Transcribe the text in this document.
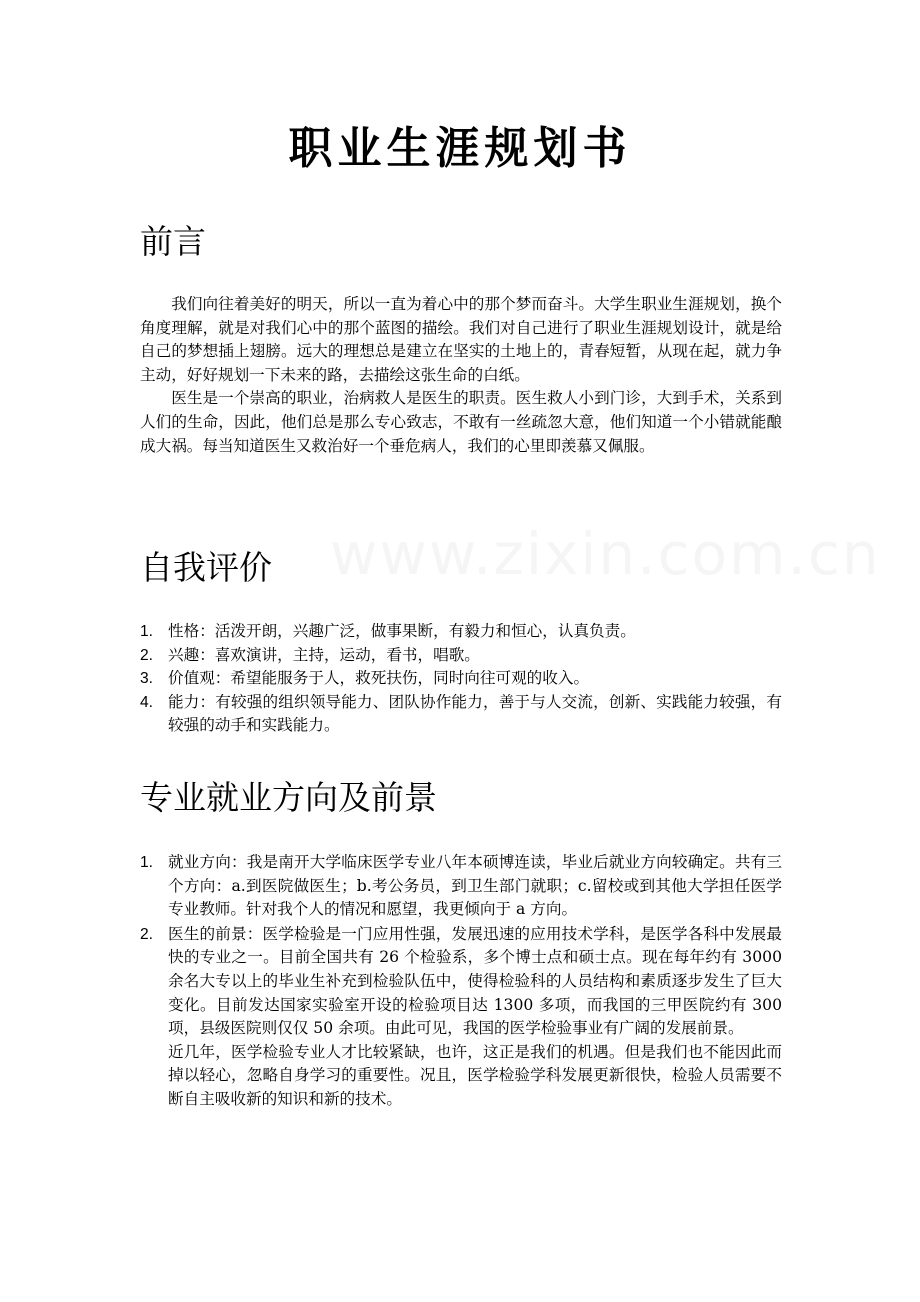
www.zixin.com.cn
职业生涯规划书
前言

我们向往着美好的明天，所以一直为着心中的那个梦而奋斗。大学生职业生涯规划，换个角度理解，就是对我们心中的那个蓝图的描绘。我们对自己进行了职业生涯规划设计，就是给自己的梦想插上翅膀。远大的理想总是建立在坚实的土地上的，青春短暂，从现在起，就力争主动，好好规划一下未来的路，去描绘这张生命的白纸。

医生是一个崇高的职业，治病救人是医生的职责。医生救人小到门诊，大到手术，关系到人们的生命，因此，他们总是那么专心致志，不敢有一丝疏忽大意，他们知道一个小错就能酿成大祸。每当知道医生又救治好一个垂危病人，我们的心里即羡慕又佩服。

自我评价
1. 性格：活泼开朗，兴趣广泛，做事果断，有毅力和恒心，认真负责。
2. 兴趣：喜欢演讲，主持，运动，看书，唱歌。
3. 价值观：希望能服务于人，救死扶伤，同时向往可观的收入。
4. 能力：有较强的组织领导能力、团队协作能力，善于与人交流，创新、实践能力较强，有较强的动手和实践能力。
专业就业方向及前景
1. 就业方向：我是南开大学临床医学专业八年本硕博连读，毕业后就业方向较确定。共有三个方向：a.到医院做医生；b.考公务员，到卫生部门就职；c.留校或到其他大学担任医学专业教师。针对我个人的情况和愿望，我更倾向于 a 方向。
2. 医生的前景：医学检验是一门应用性强，发展迅速的应用技术学科，是医学各科中发展最快的专业之一。目前全国共有 26 个检验系，多个博士点和硕士点。现在每年约有 3000 余名大专以上的毕业生补充到检验队伍中，使得检验科的人员结构和素质逐步发生了巨大变化。目前发达国家实验室开设的检验项目达 1300 多项，而我国的三甲医院约有 300 项，县级医院则仅仅 50 余项。由此可见，我国的医学检验事业有广阔的发展前景。
近几年，医学检验专业人才比较紧缺，也许，这正是我们的机遇。但是我们也不能因此而掉以轻心，忽略自身学习的重要性。况且，医学检验学科发展更新很快，检验人员需要不断自主吸收新的知识和新的技术。
